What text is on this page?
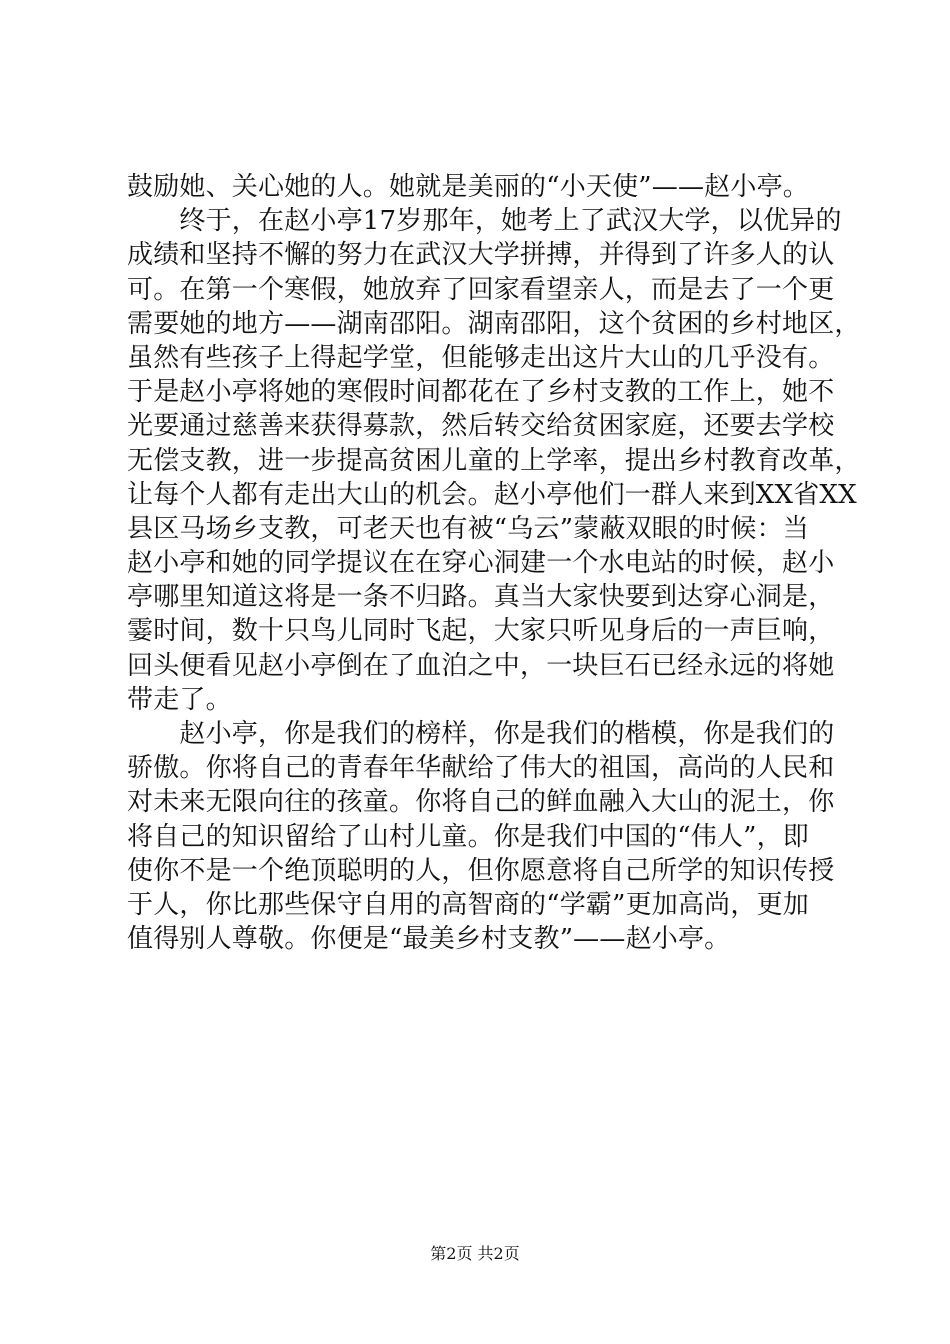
鼓励她、关心她的人。她就是美丽的“小天使”——赵小亭。
　　终于，在赵小亭17岁那年，她考上了武汉大学，以优异的
成绩和坚持不懈的努力在武汉大学拼搏，并得到了许多人的认
可。在第一个寒假，她放弃了回家看望亲人，而是去了一个更
需要她的地方——湖南邵阳。湖南邵阳，这个贫困的乡村地区，
虽然有些孩子上得起学堂，但能够走出这片大山的几乎没有。
于是赵小亭将她的寒假时间都花在了乡村支教的工作上，她不
光要通过慈善来获得募款，然后转交给贫困家庭，还要去学校
无偿支教，进一步提高贫困儿童的上学率，提出乡村教育改革，
让每个人都有走出大山的机会。赵小亭他们一群人来到XX省XX
县区马场乡支教，可老天也有被“乌云”蒙蔽双眼的时候：当
赵小亭和她的同学提议在在穿心洞建一个水电站的时候，赵小
亭哪里知道这将是一条不归路。真当大家快要到达穿心洞是，
霎时间，数十只鸟儿同时飞起，大家只听见身后的一声巨响，
回头便看见赵小亭倒在了血泊之中，一块巨石已经永远的将她
带走了。
　　赵小亭，你是我们的榜样，你是我们的楷模，你是我们的
骄傲。你将自己的青春年华献给了伟大的祖国，高尚的人民和
对未来无限向往的孩童。你将自己的鲜血融入大山的泥土，你
将自己的知识留给了山村儿童。你是我们中国的“伟人”，即
使你不是一个绝顶聪明的人，但你愿意将自己所学的知识传授
于人，你比那些保守自用的高智商的“学霸”更加高尚，更加
值得别人尊敬。你便是“最美乡村支教”——赵小亭。
第2页 共2页
